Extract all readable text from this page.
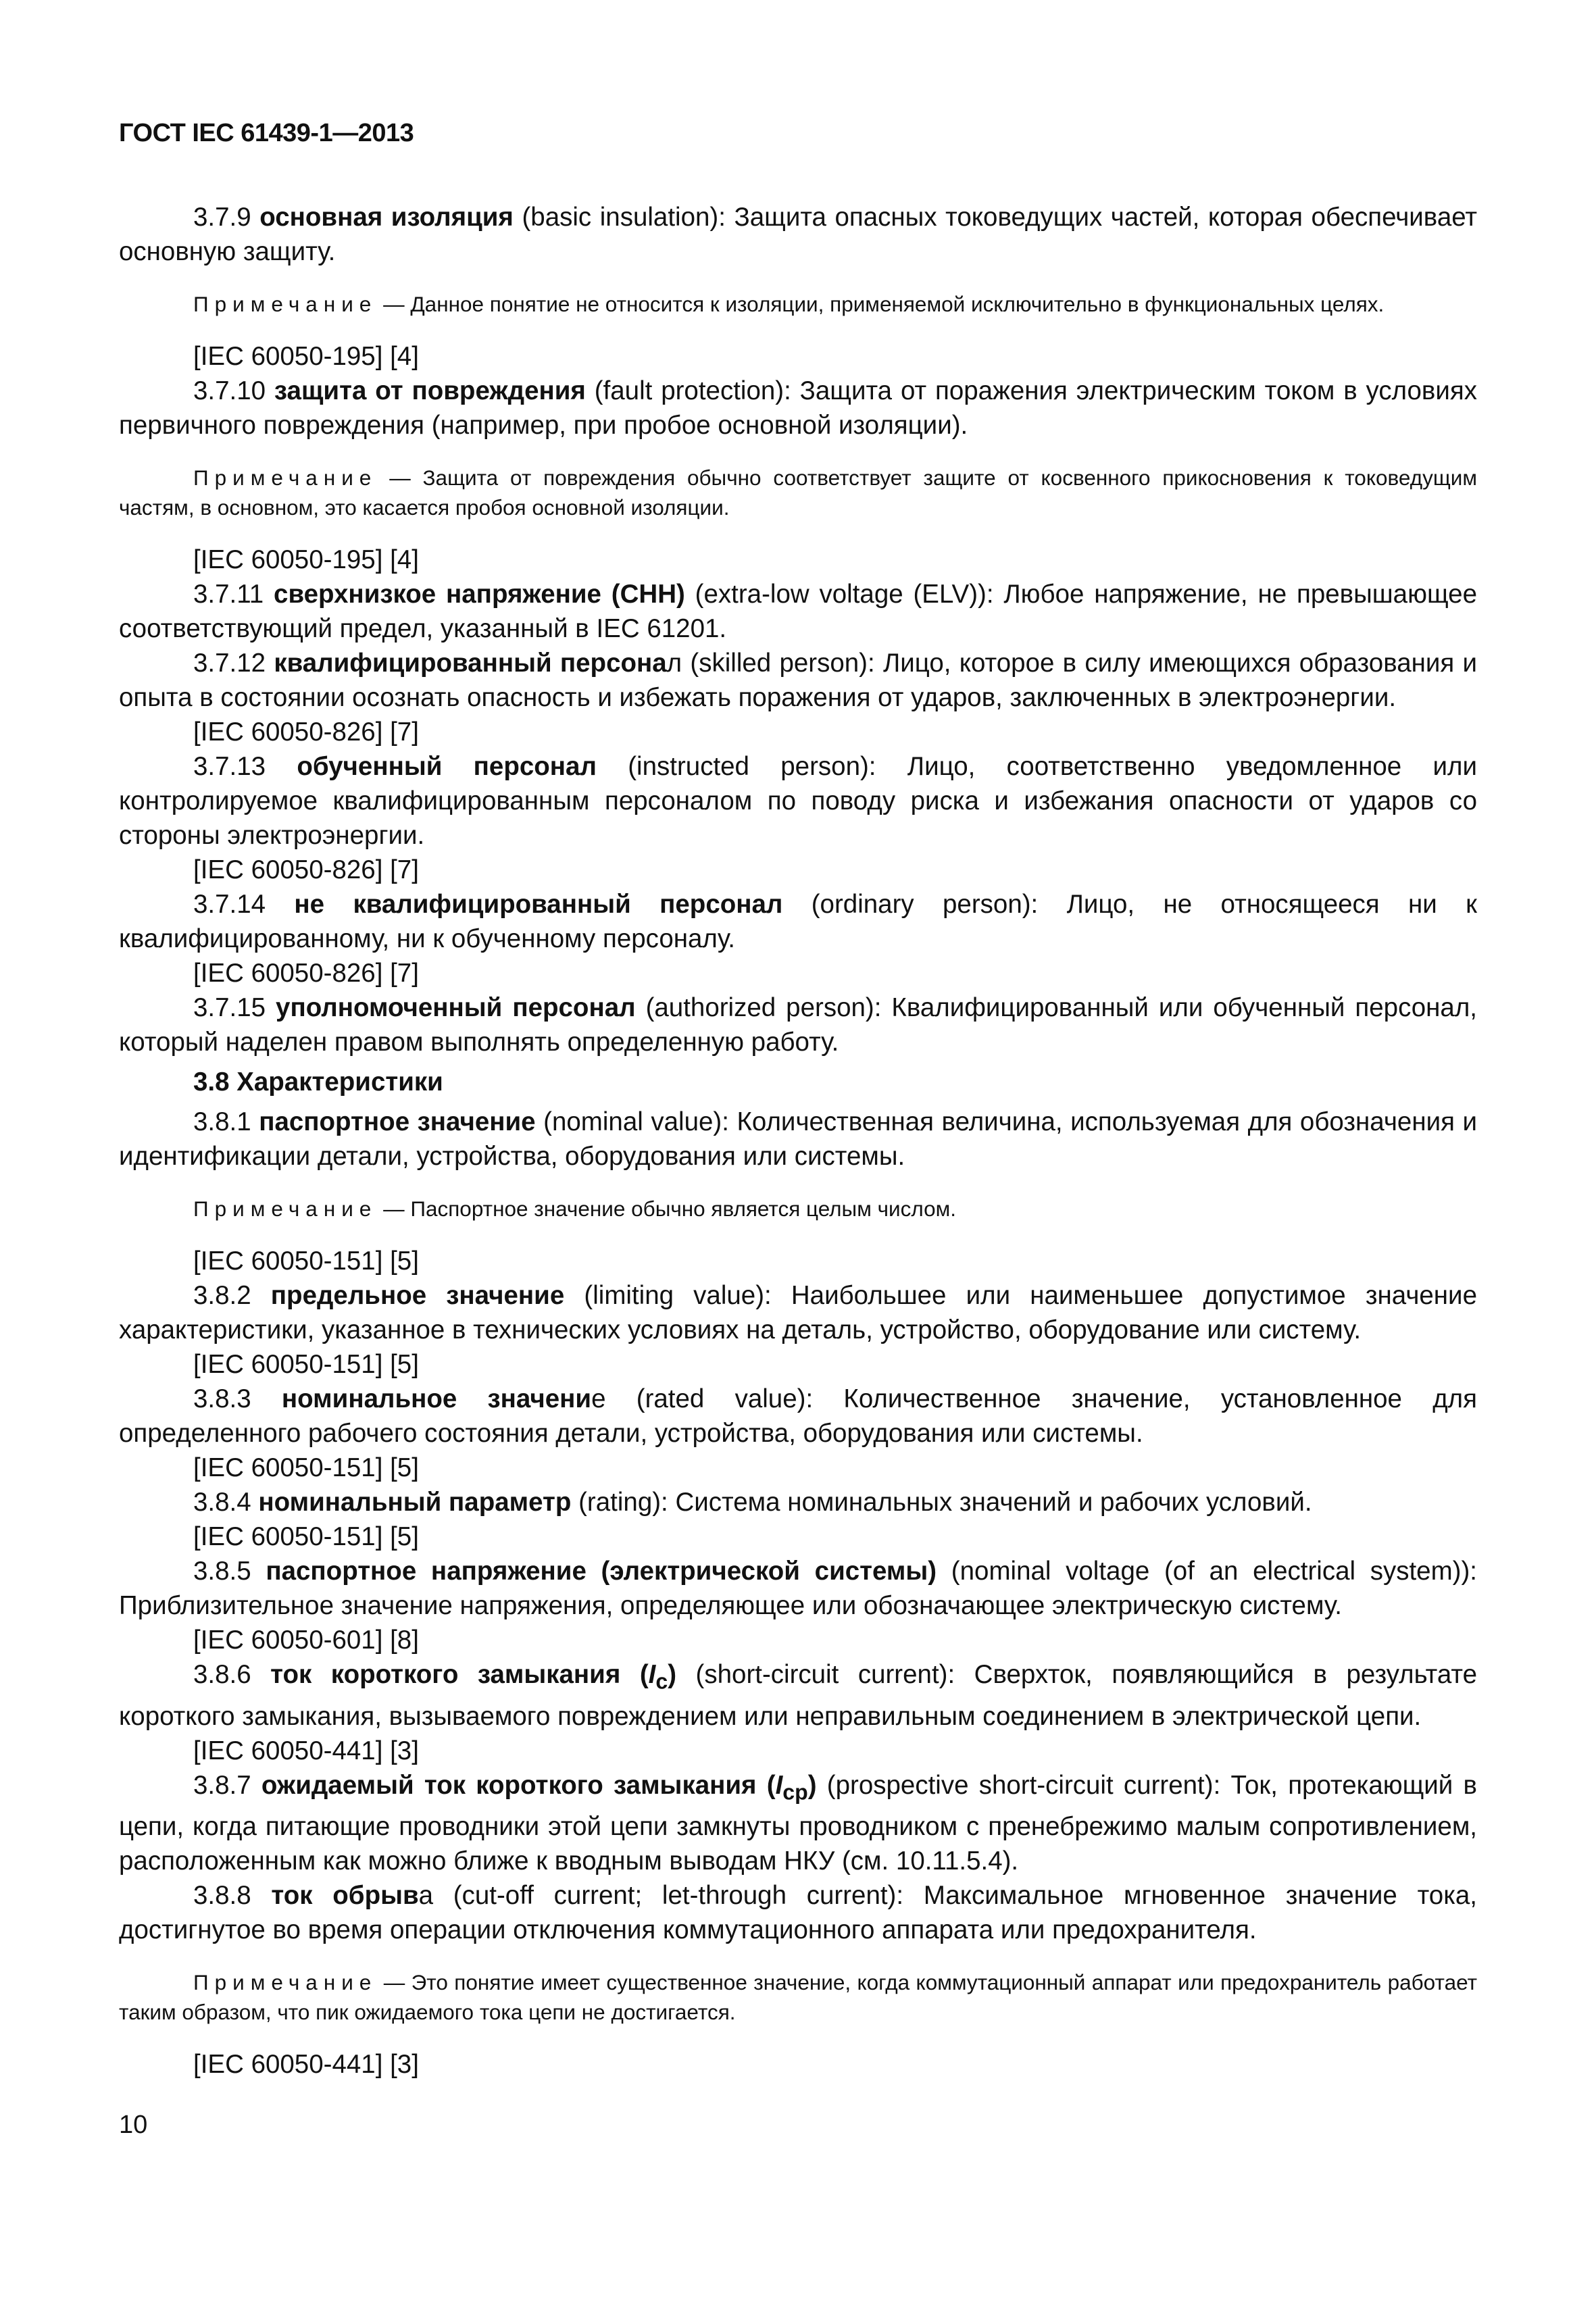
ГОСТ IEC 61439-1—2013

3.7.9 основная изоляция (basic insulation): Защита опасных токоведущих частей, которая обеспечивает основную защиту.

Примечание — Данное понятие не относится к изоляции, применяемой исключительно в функциональных целях.

[IEC 60050-195] [4]

3.7.10 защита от повреждения (fault protection): Защита от поражения электрическим током в условиях первичного повреждения (например, при пробое основной изоляции).

Примечание — Защита от повреждения обычно соответствует защите от косвенного прикосновения к токоведущим частям, в основном, это касается пробоя основной изоляции.

[IEC 60050-195] [4]

3.7.11 сверхнизкое напряжение (СНН) (extra-low voltage (ELV)): Любое напряжение, не превышающее соответствующий предел, указанный в IEC 61201.

3.7.12 квалифицированный персонал (skilled person): Лицо, которое в силу имеющихся образования и опыта в состоянии осознать опасность и избежать поражения от ударов, заключенных в электроэнергии.

[IEC 60050-826] [7]

3.7.13 обученный персонал (instructed person): Лицо, соответственно уведомленное или контролируемое квалифицированным персоналом по поводу риска и избежания опасности от ударов со стороны электроэнергии.

[IEC 60050-826] [7]

3.7.14 не квалифицированный персонал (ordinary person): Лицо, не относящееся ни к квалифицированному, ни к обученному персоналу.

[IEC 60050-826] [7]

3.7.15 уполномоченный персонал (authorized person): Квалифицированный или обученный персонал, который наделен правом выполнять определенную работу.

3.8 Характеристики

3.8.1 паспортное значение (nominal value): Количественная величина, используемая для обозначения и идентификации детали, устройства, оборудования или системы.

Примечание — Паспортное значение обычно является целым числом.

[IEC 60050-151] [5]

3.8.2 предельное значение (limiting value): Наибольшее или наименьшее допустимое значение характеристики, указанное в технических условиях на деталь, устройство, оборудование или систему.

[IEC 60050-151] [5]

3.8.3 номинальное значение (rated value): Количественное значение, установленное для определенного рабочего состояния детали, устройства, оборудования или системы.

[IEC 60050-151] [5]

3.8.4 номинальный параметр (rating): Система номинальных значений и рабочих условий.

[IEC 60050-151] [5]

3.8.5 паспортное напряжение (электрической системы) (nominal voltage (of an electrical system)): Приблизительное значение напряжения, определяющее или обозначающее электрическую систему.

[IEC 60050-601] [8]

3.8.6 ток короткого замыкания $(I_c)$ (short-circuit current): Сверхток, появляющийся в результате короткого замыкания, вызываемого повреждением или неправильным соединением в электрической цепи.

[IEC 60050-441] [3]

3.8.7 ожидаемый ток короткого замыкания $(I_{cp})$ (prospective short-circuit current): Ток, протекающий в цепи, когда питающие проводники этой цепи замкнуты проводником с пренебрежимо малым сопротивлением, расположенным как можно ближе к вводным выводам НКУ (см. 10.11.5.4).

3.8.8 ток обрыва (cut-off current; let-through current): Максимальное мгновенное значение тока, достигнутое во время операции отключения коммутационного аппарата или предохранителя.

Примечание — Это понятие имеет существенное значение, когда коммутационный аппарат или предохранитель работает таким образом, что пик ожидаемого тока цепи не достигается.

[IEC 60050-441] [3]

10
